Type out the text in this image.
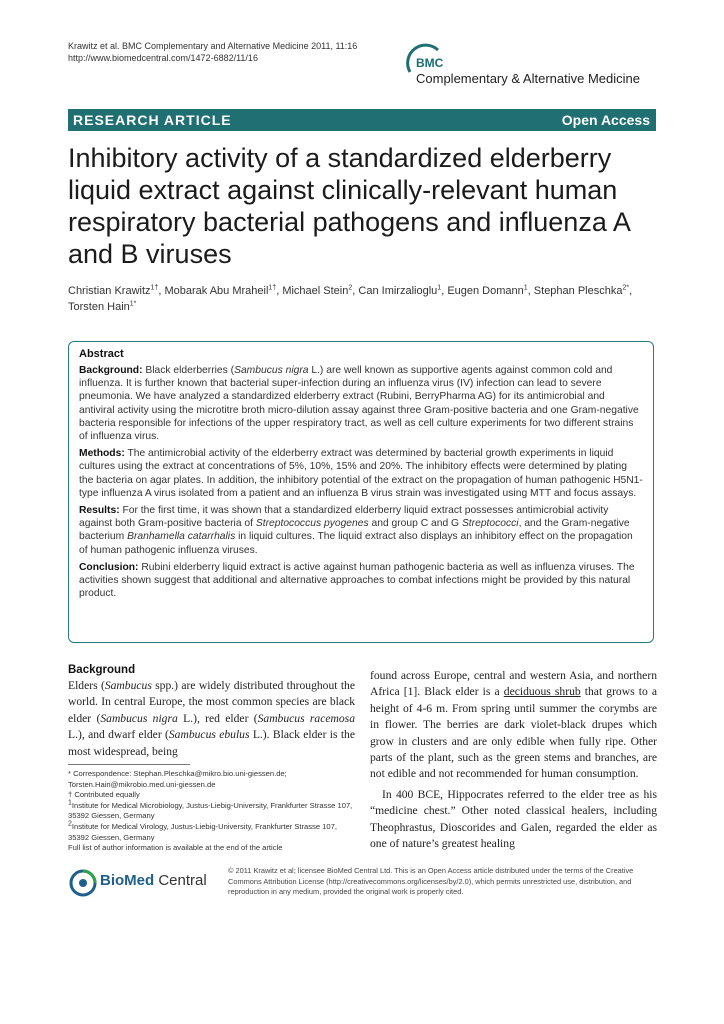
Krawitz et al. BMC Complementary and Alternative Medicine 2011, 11:16
http://www.biomedcentral.com/1472-6882/11/16	BMC
Complementary & Alternative Medicine
RESEARCH ARTICLE	Open Access
Inhibitory activity of a standardized elderberry liquid extract against clinically-relevant human respiratory bacterial pathogens and influenza A and B viruses
Christian Krawitz$^{1\dagger}$, Mobarak Abu Mraheil$^{1\dagger}$, Michael Stein$^2$, Can Imirzalioglu$^1$, Eugen Domann$^1$, Stephan Pleschka$^{2*}$,
Torsten Hain$^{1*}$
Abstract

Background: Black elderberries (Sambucus nigra L.) are well known as supportive agents against common cold and influenza. It is further known that bacterial super-infection during an influenza virus (IV) infection can lead to severe pneumonia. We have analyzed a standardized elderberry extract (Rubini, BerryPharma AG) for its antimicrobial and antiviral activity using the microtitre broth micro-dilution assay against three Gram-positive bacteria and one Gram-negative bacteria responsible for infections of the upper respiratory tract, as well as cell culture experiments for two different strains of influenza virus.

Methods: The antimicrobial activity of the elderberry extract was determined by bacterial growth experiments in liquid cultures using the extract at concentrations of 5%, 10%, 15% and 20%. The inhibitory effects were determined by plating the bacteria on agar plates. In addition, the inhibitory potential of the extract on the propagation of human pathogenic H5N1-type influenza A virus isolated from a patient and an influenza B virus strain was investigated using MTT and focus assays.

Results: For the first time, it was shown that a standardized elderberry liquid extract possesses antimicrobial activity against both Gram-positive bacteria of Streptococcus pyogenes and group C and G Streptococci, and the Gram-negative bacterium Branhamella catarrhalis in liquid cultures. The liquid extract also displays an inhibitory effect on the propagation of human pathogenic influenza viruses.

Conclusion: Rubini elderberry liquid extract is active against human pathogenic bacteria as well as influenza viruses. The activities shown suggest that additional and alternative approaches to combat infections might be provided by this natural product.

Background

Elders (Sambucus spp.) are widely distributed throughout the world. In central Europe, the most common species are black elder (Sambucus nigra L.), red elder (Sambucus racemosa L.), and dwarf elder (Sambucus ebulus L.). Black elder is the most widespread, being

* Correspondence: Stephan.Pleschka@mikro.bio.uni-giessen.de; Torsten.Hain@mikrobio.med.uni-giessen.de
† Contributed equally
$^1$Institute for Medical Microbiology, Justus-Liebig-University, Frankfurter Strasse 107, 35392 Giessen, Germany
$^2$Institute for Medical Virology, Justus-Liebig-University, Frankfurter Strasse 107, 35392 Giessen, Germany
Full list of author information is available at the end of the article

found across Europe, central and western Asia, and northern Africa [1]. Black elder is a deciduous shrub that grows to a height of 4-6 m. From spring until summer the corymbs are in flower. The berries are dark violet-black drupes which grow in clusters and are only edible when fully ripe. Other parts of the plant, such as the green stems and branches, are not edible and not recommended for human consumption.

In 400 BCE, Hippocrates referred to the elder tree as his “medicine chest.” Other noted classical healers, including Theophrastus, Dioscorides and Galen, regarded the elder as one of nature’s greatest healing

BioMed Central
© 2011 Krawitz et al; licensee BioMed Central Ltd. This is an Open Access article distributed under the terms of the Creative Commons Attribution License (http://creativecommons.org/licenses/by/2.0), which permits unrestricted use, distribution, and reproduction in any medium, provided the original work is properly cited.
